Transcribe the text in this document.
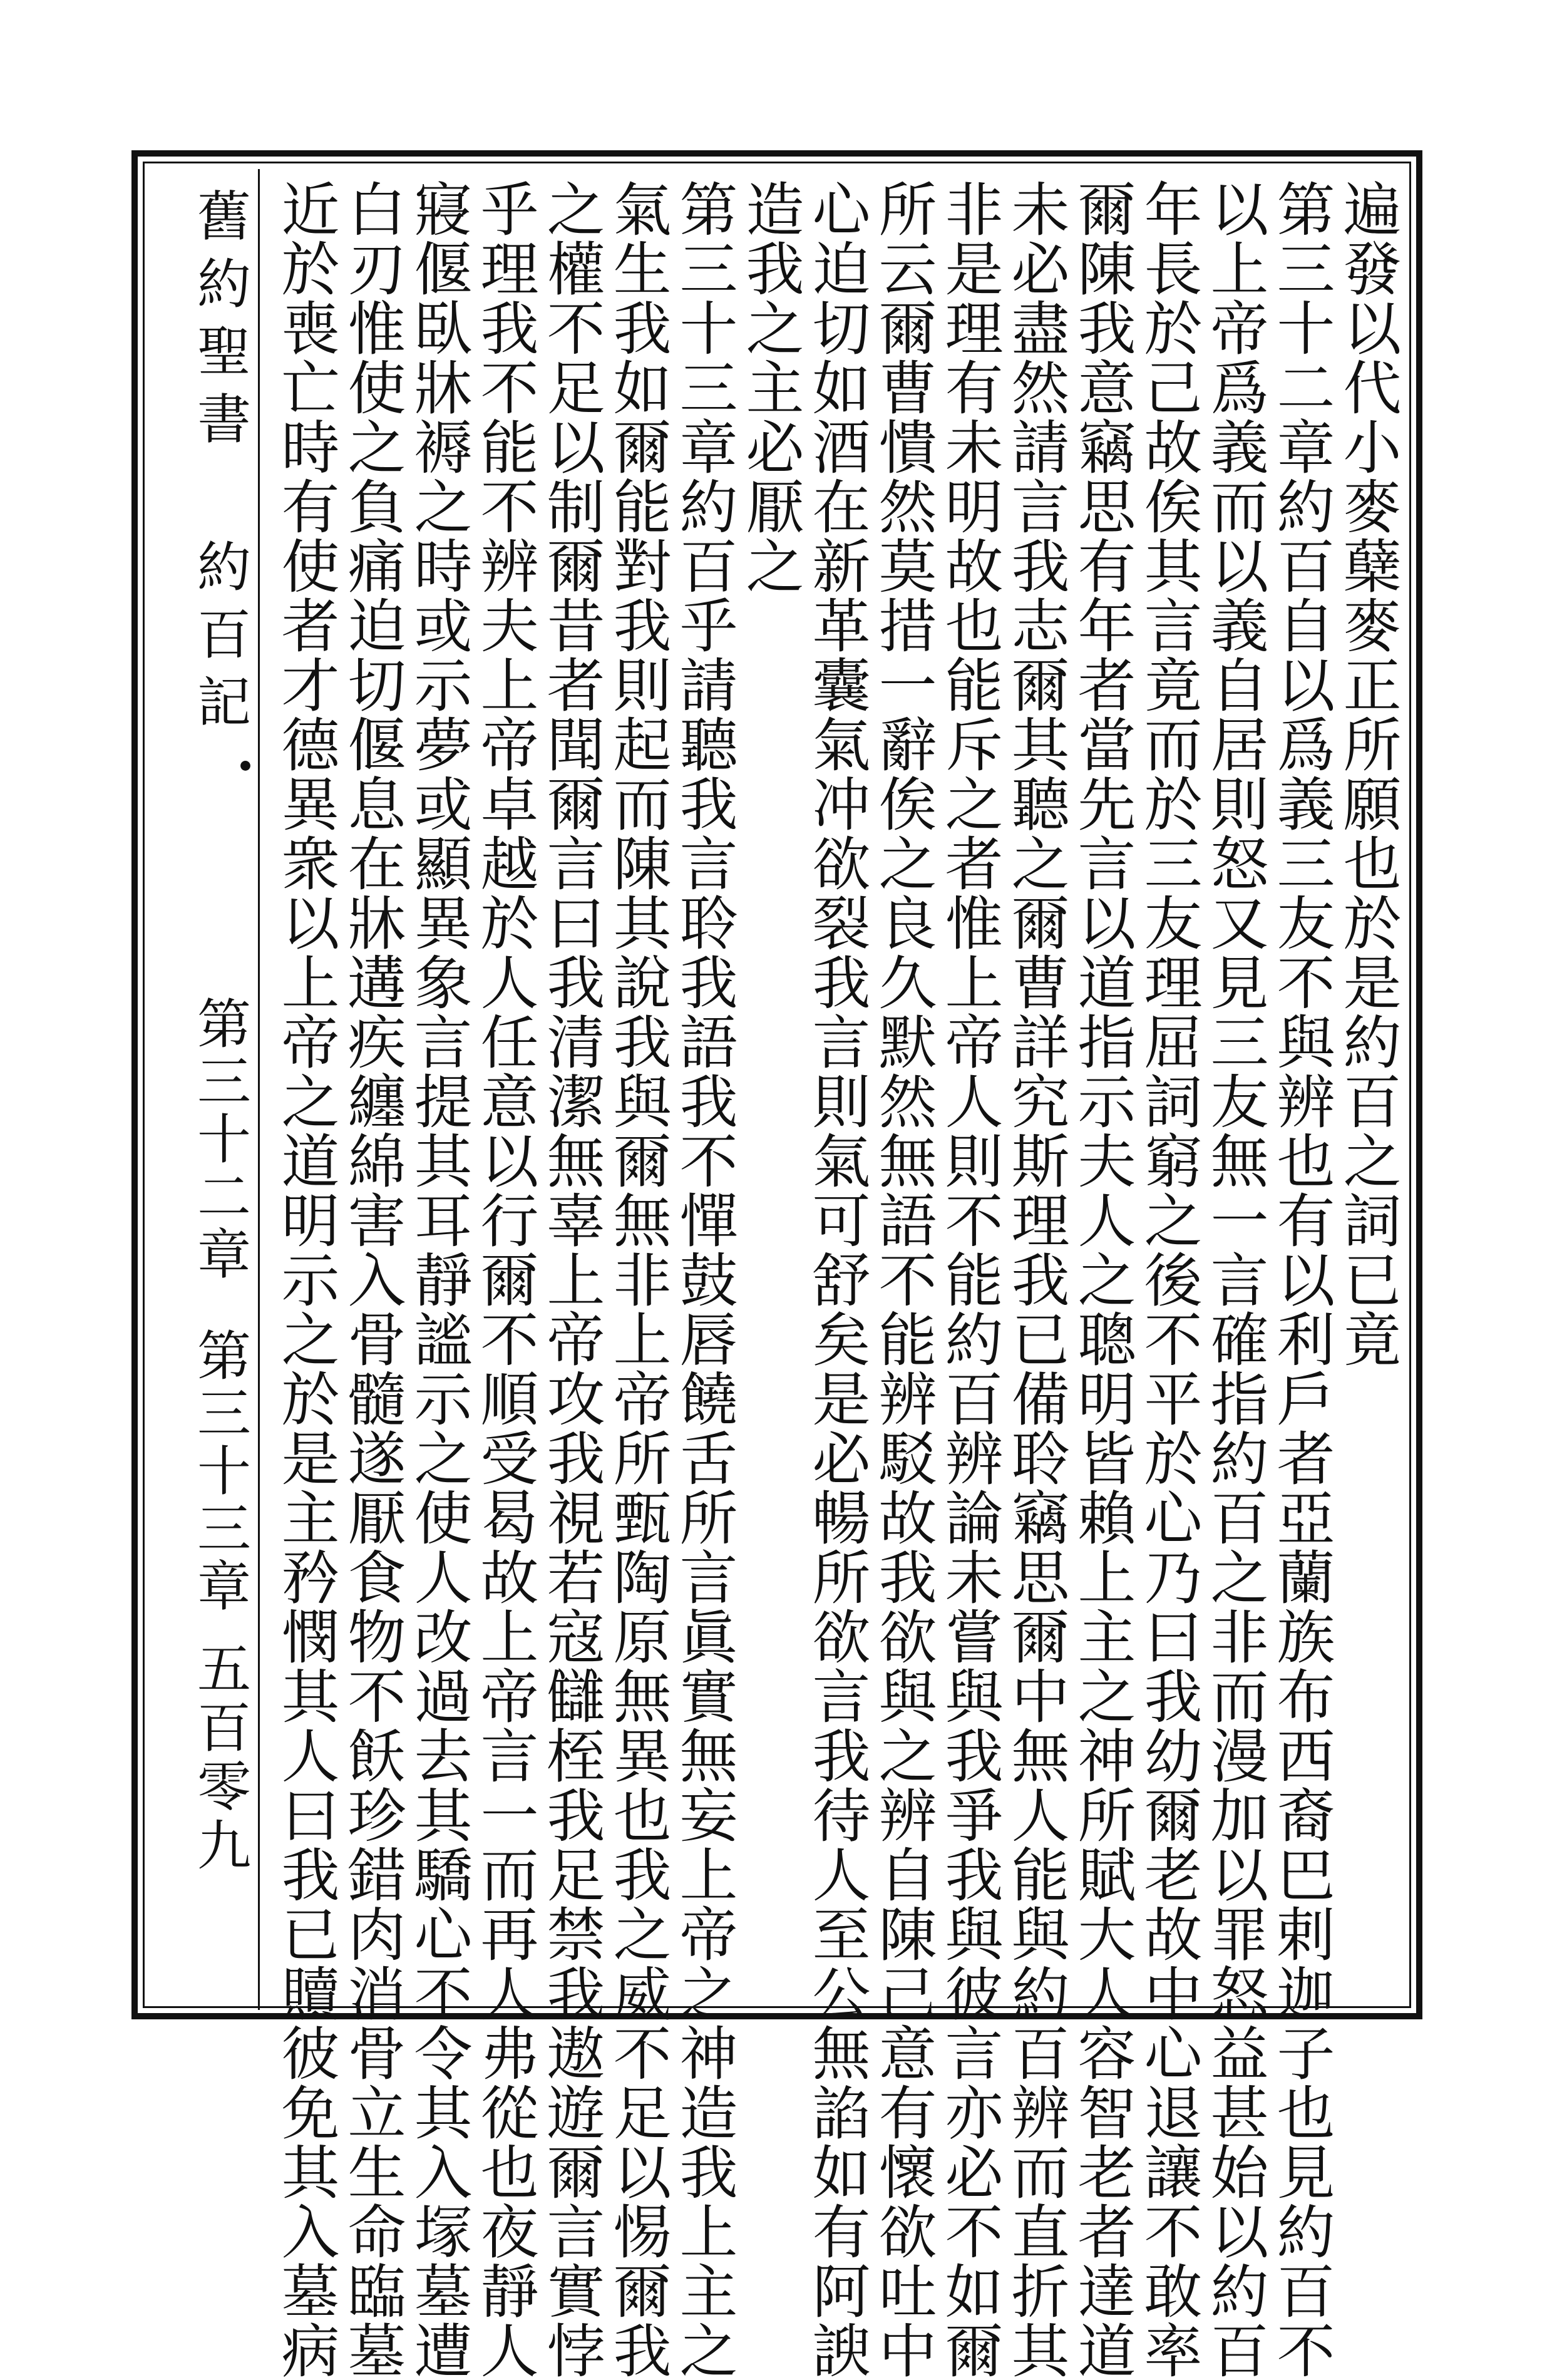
舊約聖書
約百記
・
第三十二章第三十三章
五百零九
遍發以代小麥蘖麥正所願也於是約百之詞已竟
第三十二章約百自以爲義三友不與辨也有以利戶者亞蘭族布西裔巴剌迦子也見約百不
以上帝爲義而以義自居則怒又見三友無一言確指約百之非而漫加以罪怒益甚始以約百
年長於己故俟其言竟而於三友理屈詞窮之後不平於心乃曰我幼爾老故中心退讓不敢率
爾陳我意竊思有年者當先言以道指示夫人之聰明皆賴上主之神所賦大人容智老者達道
未必盡然請言我志爾其聽之爾曹詳究斯理我已備聆竊思爾中無人能與約百辨而直折其
非是理有未明故也能斥之者惟上帝人則不能約百辨論未嘗與我爭我與彼言亦必不如爾
所云爾曹憒然莫措一辭俟之良久默然無語不能辨駁故我欲與之辨自陳己意有懷欲吐中
心迫切如酒在新革囊氣冲欲裂我言則氣可舒矣是必暢所欲言我待人至公無諂如有阿諛
造我之主必厭之
第三十三章約百乎請聽我言聆我語我不憚鼓唇饒舌所言眞實無妄上帝之神造我上主之
氣生我如爾能對我則起而陳其說我與爾無非上帝所甄陶原無異也我之威不足以惕爾我
之權不足以制爾昔者聞爾言曰我清潔無辜上帝攻我視若寇讎桎我足禁我遨遊爾言實悖
乎理我不能不辨夫上帝卓越於人任意以行爾不順受曷故上帝言一而再人弗從也夜靜人
寢偃臥牀褥之時或示夢或顯異象言提其耳靜謐示之使人改過去其驕心不令其入塜墓遭
白刃惟使之負痛迫切偃息在牀遘疾纏綿害入骨髓遂厭食物不飫珍錯肉消骨立生命臨墓
近於喪亡時有使者才德異衆以上帝之道明示之於是主矜憫其人曰我已贖彼免其入墓病
